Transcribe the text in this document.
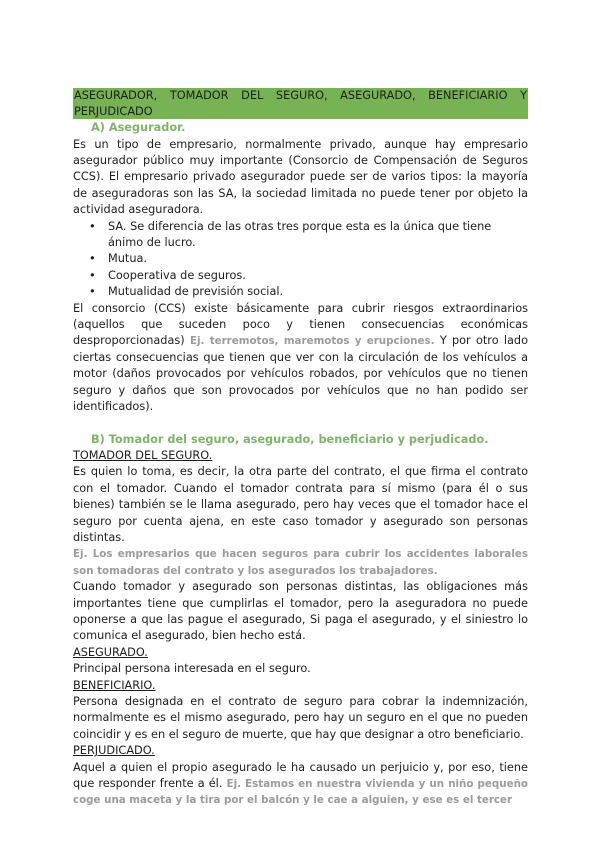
ASEGURADOR, TOMADOR DEL SEGURO, ASEGURADO, BENEFICIARIO Y
PERJUDICADO
A) Asegurador.

Es un tipo de empresario, normalmente privado, aunque hay empresario asegurador público muy importante (Consorcio de Compensación de Seguros CCS). El empresario privado asegurador puede ser de varios tipos: la mayoría de aseguradoras son las SA, la sociedad limitada no puede tener por objeto la actividad aseguradora.

• SA. Se diferencia de las otras tres porque esta es la única que tiene ánimo de lucro.
• Mutua.
• Cooperativa de seguros.
• Mutualidad de previsión social.

El consorcio (CCS) existe básicamente para cubrir riesgos extraordinarios (aquellos que suceden poco y tienen consecuencias económicas desproporcionadas) Ej. terremotos, maremotos y erupciones. Y por otro lado ciertas consecuencias que tienen que ver con la circulación de los vehículos a motor (daños provocados por vehículos robados, por vehículos que no tienen seguro y daños que son provocados por vehículos que no han podido ser identificados).

B) Tomador del seguro, asegurado, beneficiario y perjudicado.
TOMADOR DEL SEGURO.

Es quien lo toma, es decir, la otra parte del contrato, el que firma el contrato con el tomador. Cuando el tomador contrata para sí mismo (para él o sus bienes) también se le llama asegurado, pero hay veces que el tomador hace el seguro por cuenta ajena, en este caso tomador y asegurado son personas distintas.

Ej. Los empresarios que hacen seguros para cubrir los accidentes laborales son tomadoras del contrato y los asegurados los trabajadores.

Cuando tomador y asegurado son personas distintas, las obligaciones más importantes tiene que cumplirlas el tomador, pero la aseguradora no puede oponerse a que las pague el asegurado, Si paga el asegurado, y el siniestro lo comunica el asegurado, bien hecho está.

ASEGURADO.

Principal persona interesada en el seguro.

BENEFICIARIO.

Persona designada en el contrato de seguro para cobrar la indemnización, normalmente es el mismo asegurado, pero hay un seguro en el que no pueden coincidir y es en el seguro de muerte, que hay que designar a otro beneficiario.

PERJUDICADO.

Aquel a quien el propio asegurado le ha causado un perjuicio y, por eso, tiene que responder frente a él. Ej. Estamos en nuestra vivienda y un niño pequeño coge una maceta y la tira por el balcón y le cae a alguien, y ese es el tercer
